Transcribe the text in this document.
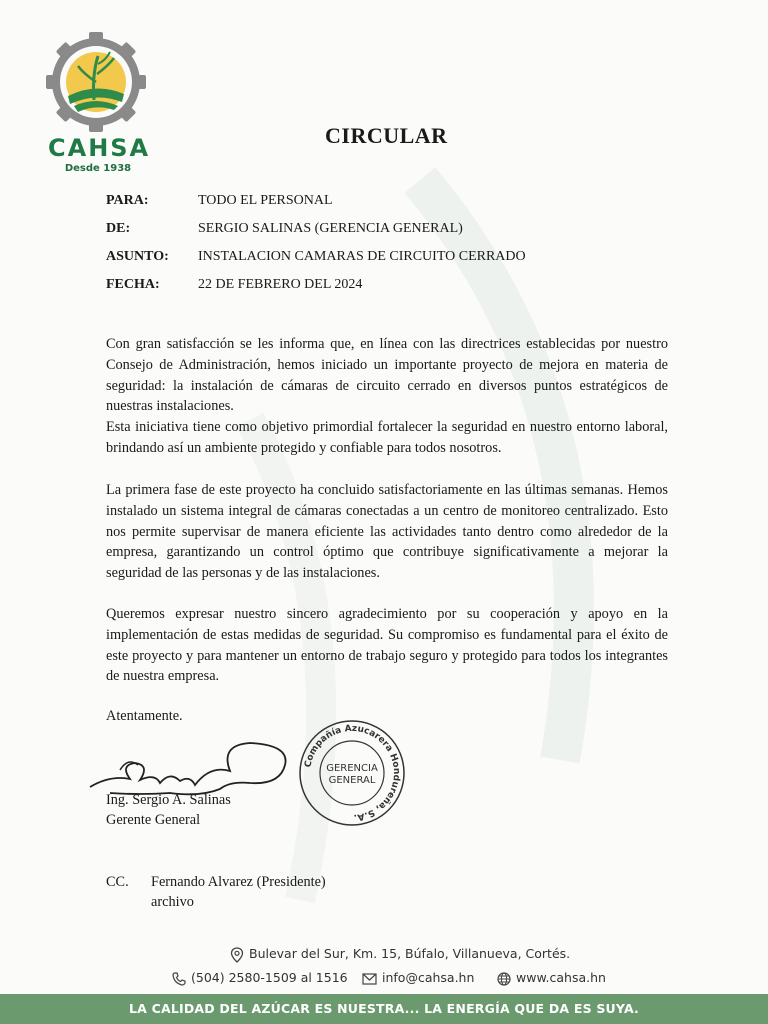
CAHSA
Desde 1938
CIRCULAR
PARA:	TODO EL PERSONAL
DE:	SERGIO SALINAS (GERENCIA GENERAL)
ASUNTO: INSTALACION CAMARAS DE CIRCUITO CERRADO
FECHA:	22 DE FEBRERO DEL 2024

Con gran satisfacción se les informa que, en línea con las directrices establecidas por nuestro Consejo de Administración, hemos iniciado un importante proyecto de mejora en materia de seguridad: la instalación de cámaras de circuito cerrado en diversos puntos estratégicos de nuestras instalaciones.

Esta iniciativa tiene como objetivo primordial fortalecer la seguridad en nuestro entorno laboral, brindando así un ambiente protegido y confiable para todos nosotros.

La primera fase de este proyecto ha concluido satisfactoriamente en las últimas semanas. Hemos instalado un sistema integral de cámaras conectadas a un centro de monitoreo centralizado. Esto nos permite supervisar de manera eficiente las actividades tanto dentro como alrededor de la empresa, garantizando un control óptimo que contribuye significativamente a mejorar la seguridad de las personas y de las instalaciones.

Queremos expresar nuestro sincero agradecimiento por su cooperación y apoyo en la implementación de estas medidas de seguridad. Su compromiso es fundamental para el éxito de este proyecto y para mantener un entorno de trabajo seguro y protegido para todos los integrantes de nuestra empresa.

Atentamente.
Ing. Sergio A. Salinas
Gerente General
Compañía Azucarera Hondureña, S.A.
GERENCIA
GENERAL
CC. Fernando Alvarez (Presidente)
archivo
Bulevar del Sur, Km. 15, Búfalo, Villanueva, Cortés.
(504) 2580-1509 al 1516	info@cahsa.hn	www.cahsa.hn
LA CALIDAD DEL AZÚCAR ES NUESTRA... LA ENERGÍA QUE DA ES SUYA.
